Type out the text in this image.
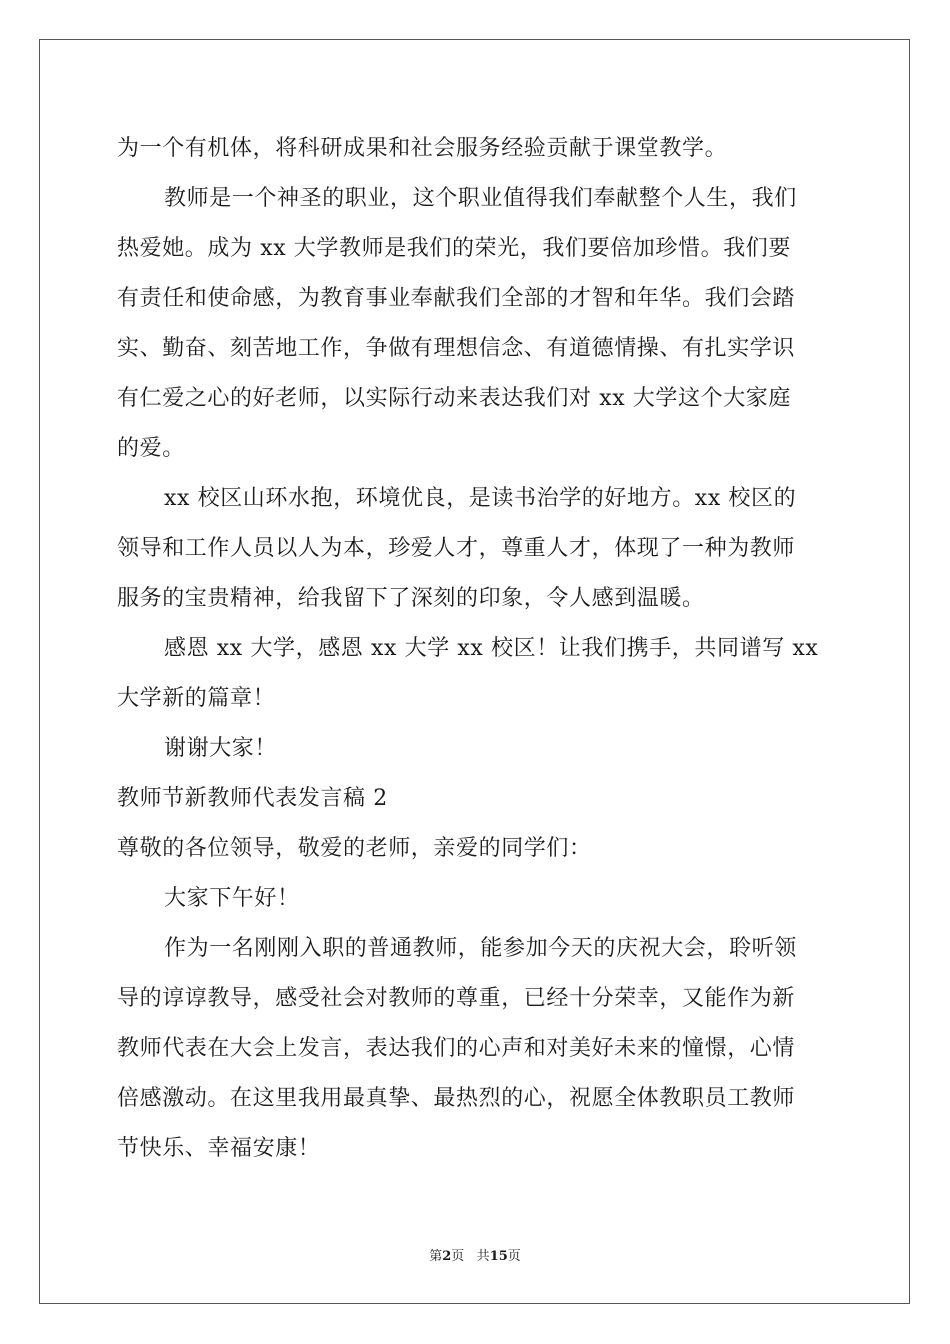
为一个有机体，将科研成果和社会服务经验贡献于课堂教学。
教师是一个神圣的职业，这个职业值得我们奉献整个人生，我们
热爱她。成为 xx 大学教师是我们的荣光，我们要倍加珍惜。我们要
有责任和使命感，为教育事业奉献我们全部的才智和年华。我们会踏
实、勤奋、刻苦地工作，争做有理想信念、有道德情操、有扎实学识
有仁爱之心的好老师，以实际行动来表达我们对 xx 大学这个大家庭
的爱。
xx 校区山环水抱，环境优良，是读书治学的好地方。xx 校区的
领导和工作人员以人为本，珍爱人才，尊重人才，体现了一种为教师
服务的宝贵精神，给我留下了深刻的印象，令人感到温暖。
感恩 xx 大学，感恩 xx 大学 xx 校区！让我们携手，共同谱写 xx
大学新的篇章！
谢谢大家！
教师节新教师代表发言稿 2
尊敬的各位领导，敬爱的老师，亲爱的同学们：
大家下午好！
作为一名刚刚入职的普通教师，能参加今天的庆祝大会，聆听领
导的谆谆教导，感受社会对教师的尊重，已经十分荣幸，又能作为新
教师代表在大会上发言，表达我们的心声和对美好未来的憧憬，心情
倍感激动。在这里我用最真挚、最热烈的心，祝愿全体教职员工教师
节快乐、幸福安康！
第2页 共15页
